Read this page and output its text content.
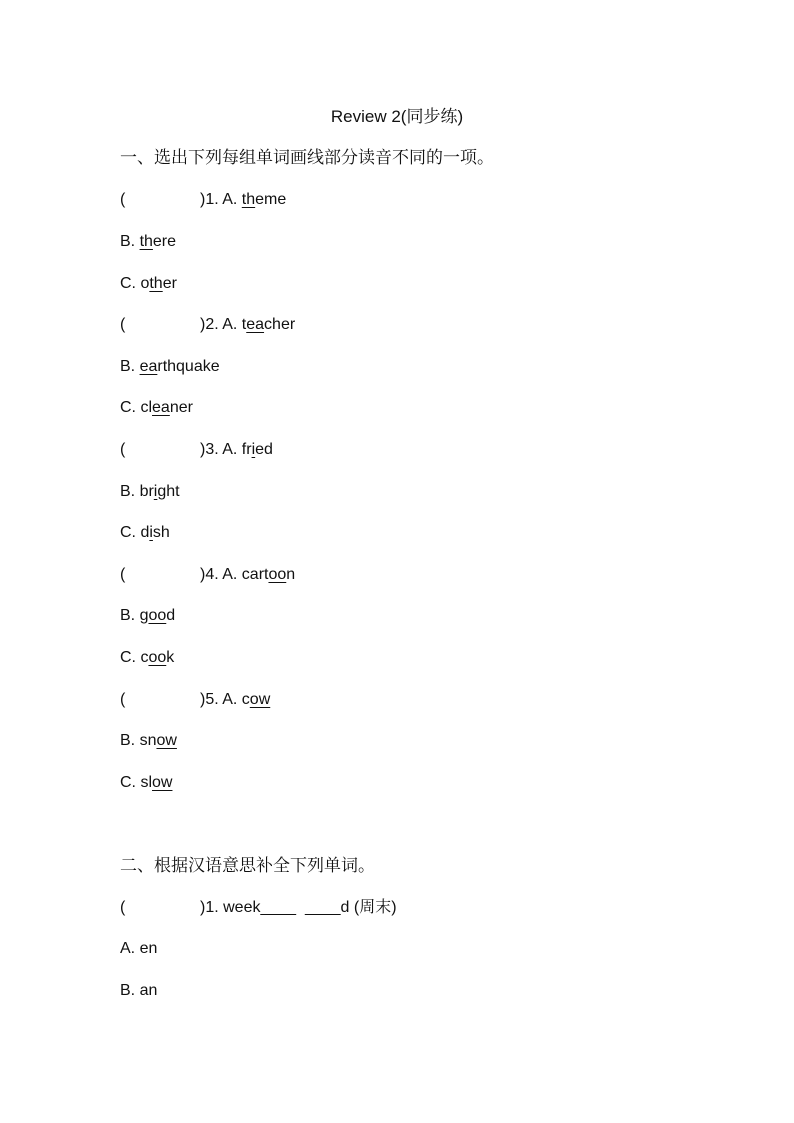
Review 2(同步练)
一、选出下列每组单词画线部分读音不同的一项。
(	)1. A. theme
B. there
C. other
(	)2. A. teacher
B. earthquake
C. cleaner
(	)3. A. fried
B. bright
C. dish
(	)4. A. cartoon
B. good
C. cook
(	)5. A. cow
B. snow
C. slow
二、根据汉语意思补全下列单词。
(	)1. week____  ____d (周末)
A. en
B. an
